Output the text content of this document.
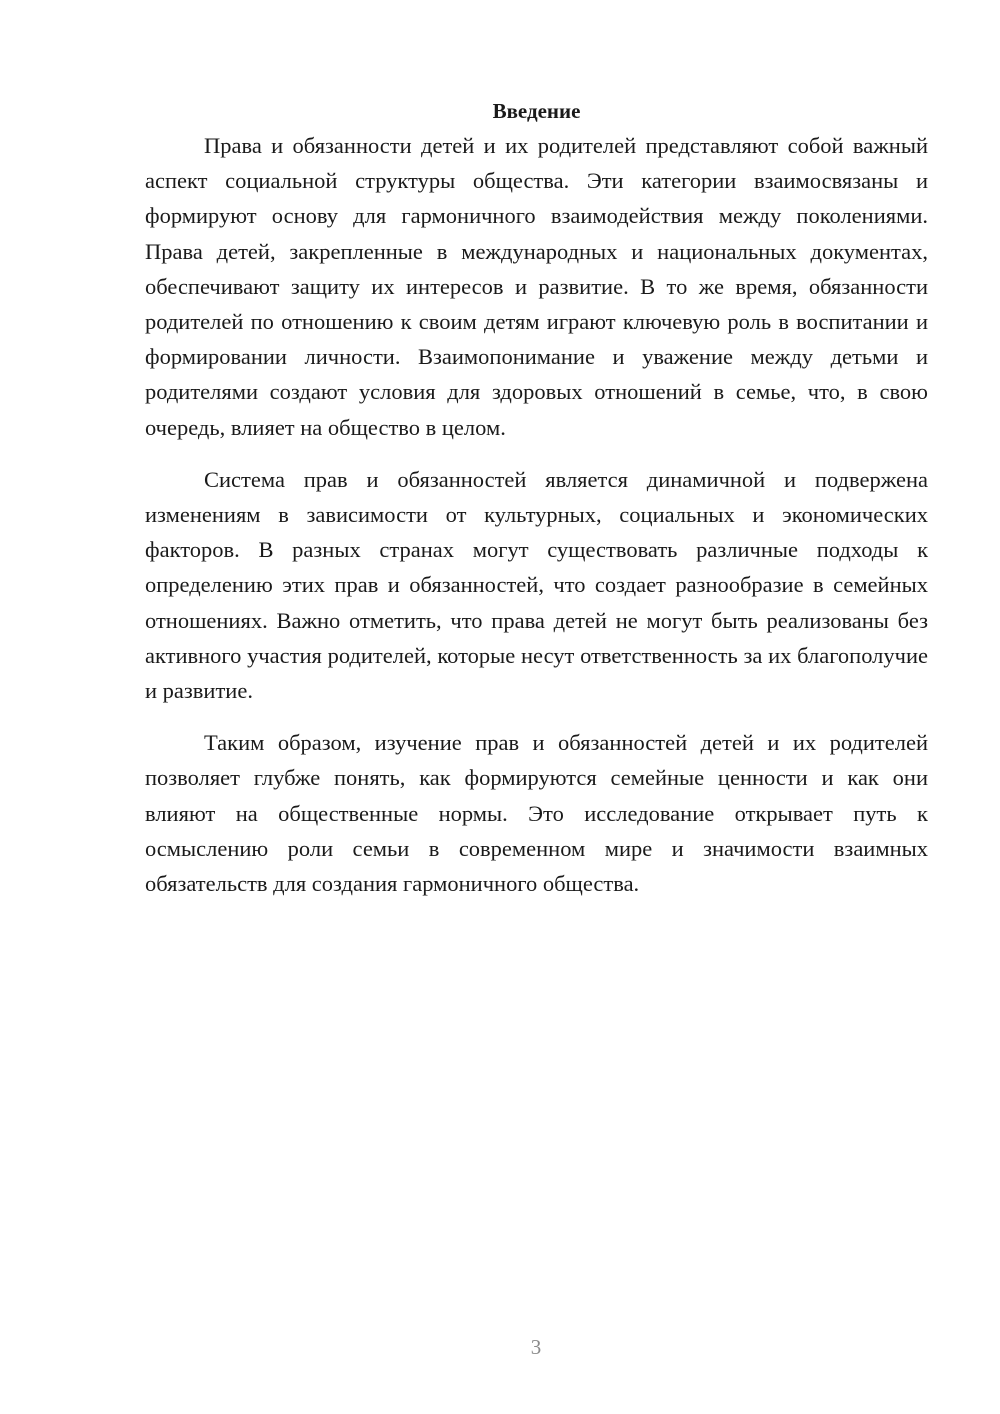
Введение

Права и обязанности детей и их родителей представляют собой важный аспект социальной структуры общества. Эти категории взаимосвязаны и формируют основу для гармоничного взаимодействия между поколениями. Права детей, закрепленные в международных и национальных документах, обеспечивают защиту их интересов и развитие. В то же время, обязанности родителей по отношению к своим детям играют ключевую роль в воспитании и формировании личности. Взаимопонимание и уважение между детьми и родителями создают условия для здоровых отношений в семье, что, в свою очередь, влияет на общество в целом.

Система прав и обязанностей является динамичной и подвержена изменениям в зависимости от культурных, социальных и экономических факторов. В разных странах могут существовать различные подходы к определению этих прав и обязанностей, что создает разнообразие в семейных отношениях. Важно отметить, что права детей не могут быть реализованы без активного участия родителей, которые несут ответственность за их благополучие и развитие.

Таким образом, изучение прав и обязанностей детей и их родителей позволяет глубже понять, как формируются семейные ценности и как они влияют на общественные нормы. Это исследование открывает путь к осмыслению роли семьи в современном мире и значимости взаимных обязательств для создания гармоничного общества.

3
